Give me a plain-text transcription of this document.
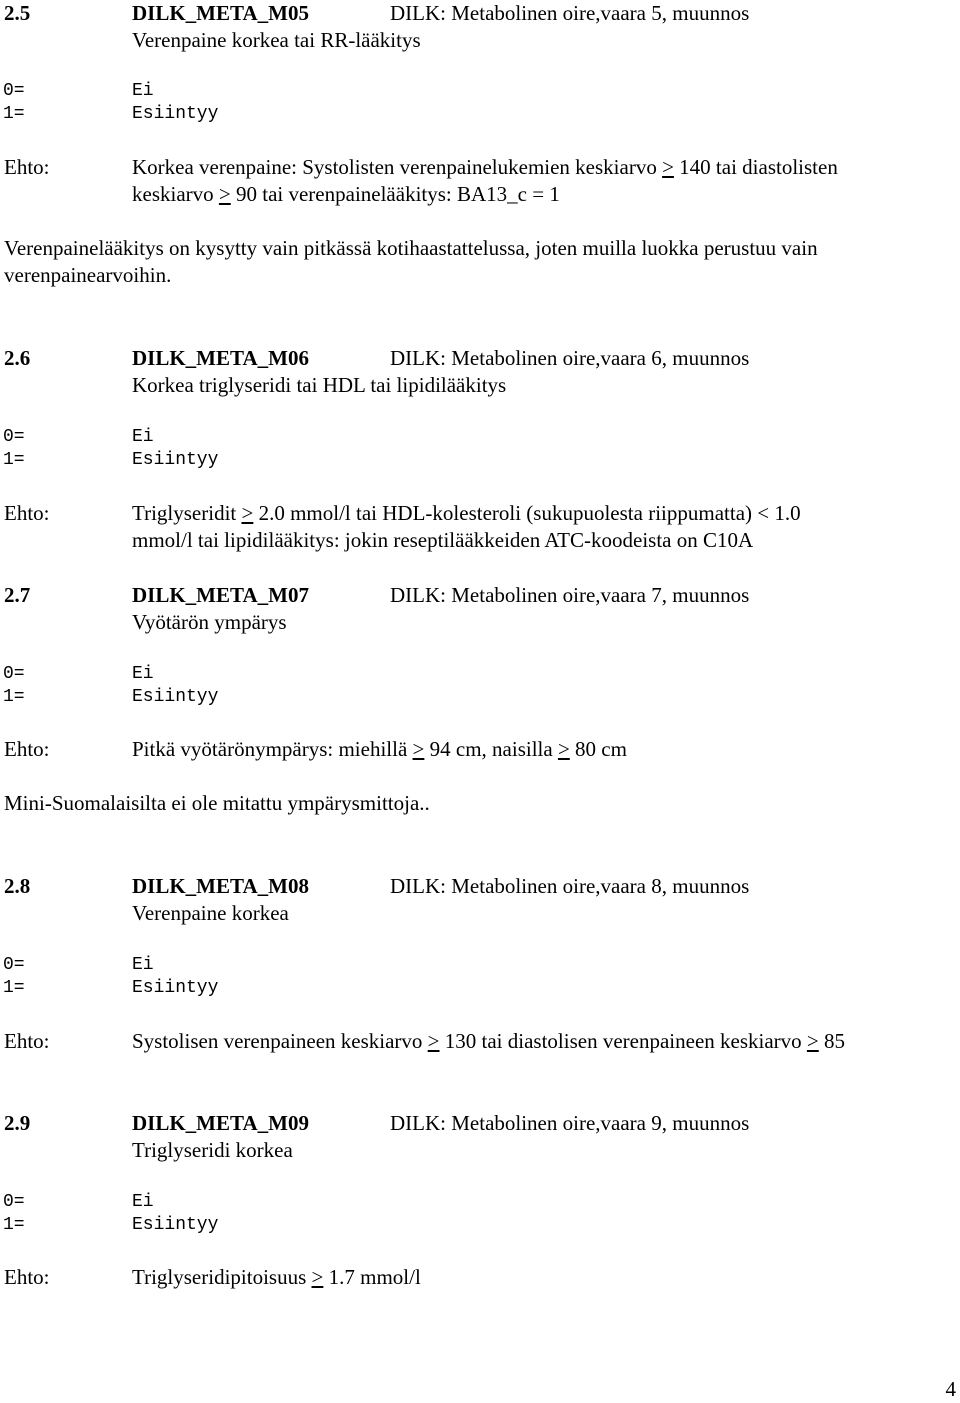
2.5	DILK_META_M05	DILK: Metabolinen oire,vaara 5, muunnos
Verenpaine korkea tai RR-lääkitys
0=	Ei
1=	Esiintyy
Ehto:	Korkea verenpaine: Systolisten verenpainelukemien keskiarvo > 140 tai diastolisten
keskiarvo > 90 tai verenpainelääkitys: BA13_c = 1
Verenpainelääkitys on kysytty vain pitkässä kotihaastattelussa, joten muilla luokka perustuu vain
verenpainearvoihin.
2.6	DILK_META_M06	DILK: Metabolinen oire,vaara 6, muunnos
Korkea triglyseridi tai HDL tai lipidilääkitys
0=	Ei
1=	Esiintyy
Ehto:	Triglyseridit > 2.0 mmol/l tai HDL-kolesteroli (sukupuolesta riippumatta) < 1.0
mmol/l tai lipidilääkitys: jokin reseptilääkkeiden ATC-koodeista on C10A
2.7	DILK_META_M07	DILK: Metabolinen oire,vaara 7, muunnos
Vyötärön ympärys
0=	Ei
1=	Esiintyy
Ehto:	Pitkä vyötärönympärys: miehillä > 94 cm, naisilla > 80 cm
Mini-Suomalaisilta ei ole mitattu ympärysmittoja..
2.8	DILK_META_M08	DILK: Metabolinen oire,vaara 8, muunnos
Verenpaine korkea
0=	Ei
1=	Esiintyy
Ehto:	Systolisen verenpaineen keskiarvo > 130 tai diastolisen verenpaineen keskiarvo > 85
2.9	DILK_META_M09	DILK: Metabolinen oire,vaara 9, muunnos
Triglyseridi korkea
0=	Ei
1=	Esiintyy
Ehto:	Triglyseridipitoisuus > 1.7 mmol/l
4
